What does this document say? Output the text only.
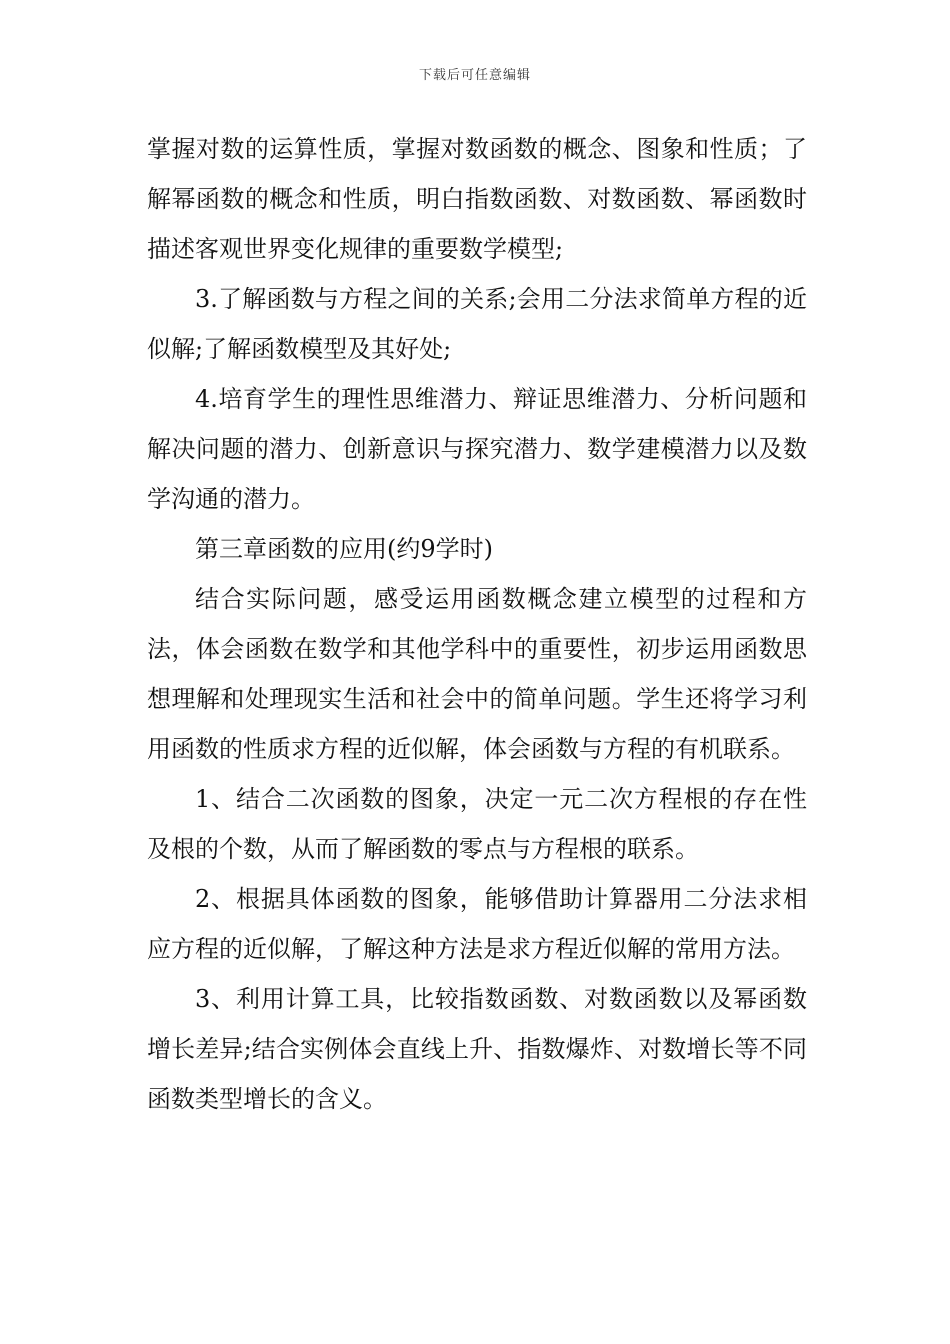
下载后可任意编辑

掌握对数的运算性质，掌握对数函数的概念、图象和性质；了解幂函数的概念和性质，明白指数函数、对数函数、幂函数时描述客观世界变化规律的重要数学模型;

3.了解函数与方程之间的关系;会用二分法求简单方程的近似解;了解函数模型及其好处;

4.培育学生的理性思维潜力、辩证思维潜力、分析问题和解决问题的潜力、创新意识与探究潜力、数学建模潜力以及数学沟通的潜力。

第三章函数的应用(约9学时)

结合实际问题，感受运用函数概念建立模型的过程和方法，体会函数在数学和其他学科中的重要性，初步运用函数思想理解和处理现实生活和社会中的简单问题。学生还将学习利用函数的性质求方程的近似解，体会函数与方程的有机联系。

1、结合二次函数的图象，决定一元二次方程根的存在性及根的个数，从而了解函数的零点与方程根的联系。

2、根据具体函数的图象，能够借助计算器用二分法求相应方程的近似解，了解这种方法是求方程近似解的常用方法。

3、利用计算工具，比较指数函数、对数函数以及幂函数增长差异;结合实例体会直线上升、指数爆炸、对数增长等不同函数类型增长的含义。
